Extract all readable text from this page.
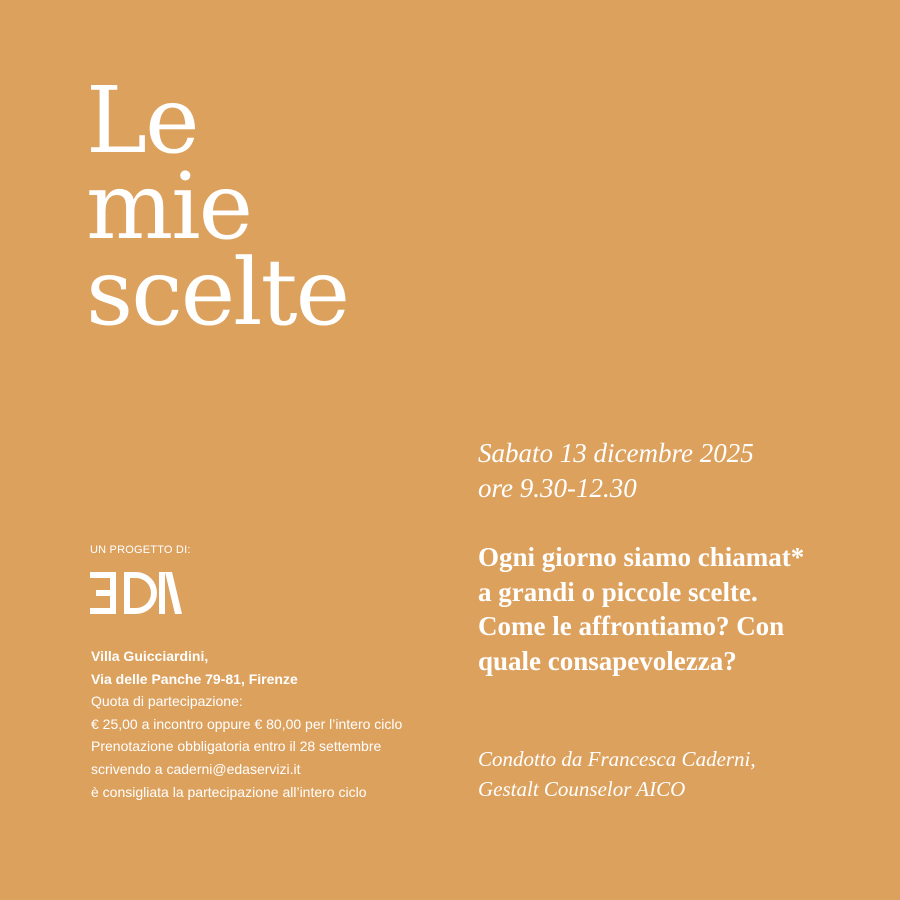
Le
mie
scelte
Sabato 13 dicembre 2025
ore 9.30-12.30

Ogni giorno siamo chiamat* a grandi o piccole scelte. Come le affrontiamo? Con quale consapevolezza?

Condotto da Francesca Caderni,
Gestalt Counselor AICO
UN PROGETTO DI:
Villa Guicciardini,
Via delle Panche 79-81, Firenze
Quota di partecipazione:
€ 25,00 a incontro oppure € 80,00 per l’intero ciclo
Prenotazione obbligatoria entro il 28 settembre
scrivendo a caderni@edaservizi.it
è consigliata la partecipazione all’intero ciclo
